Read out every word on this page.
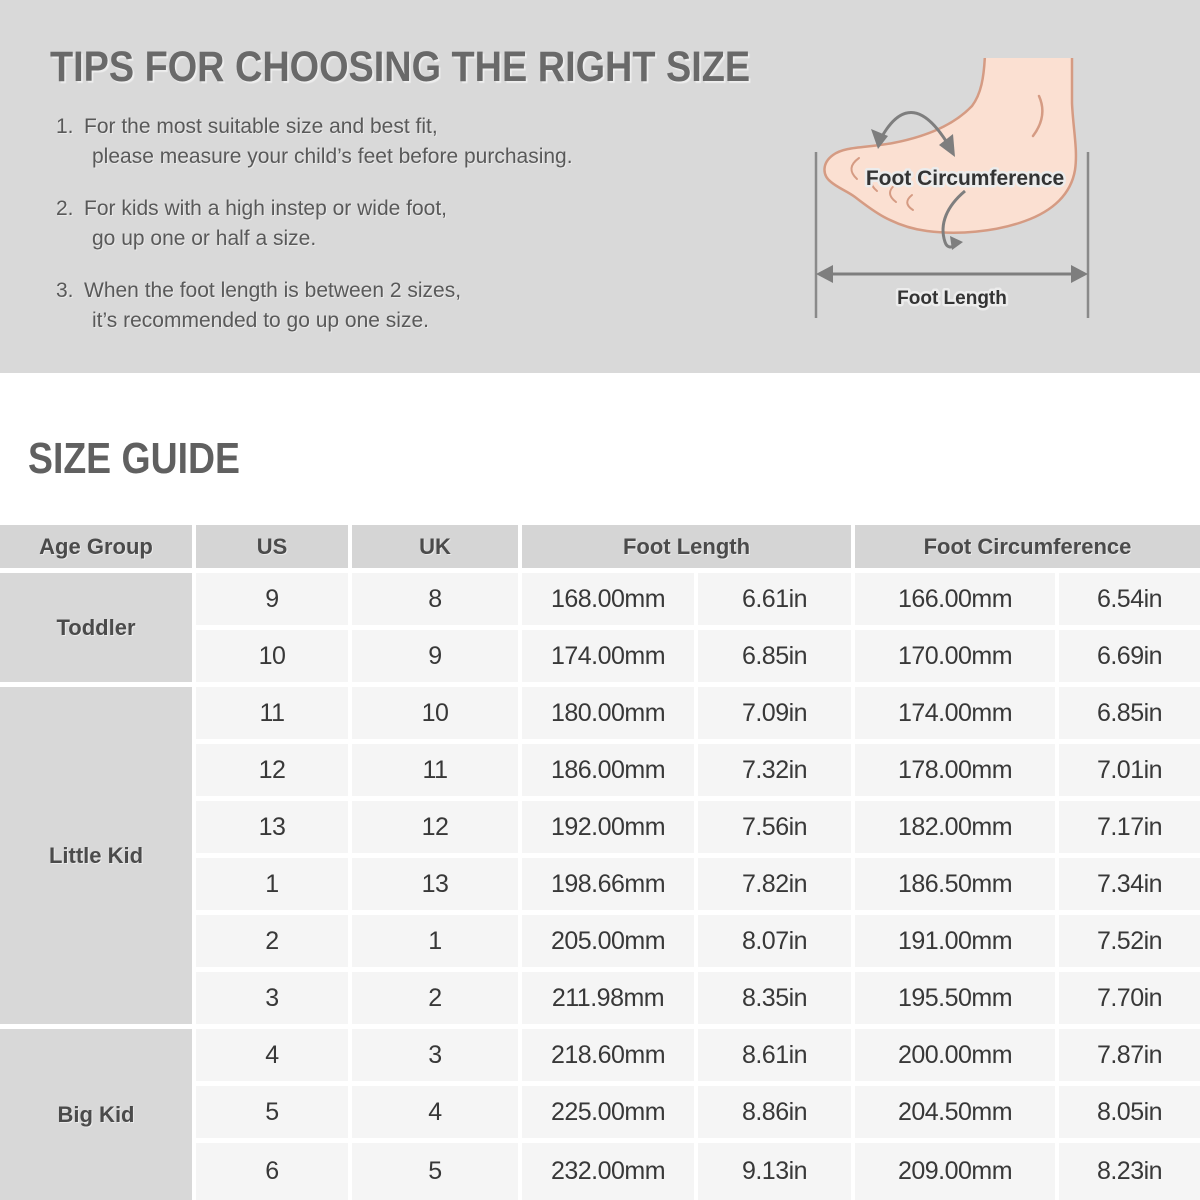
TIPS FOR CHOOSING THE RIGHT SIZE
1. For the most suitable size and best fit,
please measure your child’s feet before purchasing.
2. For kids with a high instep or wide foot,
go up one or half a size.
3. When the foot length is between 2 sizes,
it’s recommended to go up one size.
Foot Circumference
Foot Length
SIZE GUIDE
Age Group	US	UK	Foot Length	Foot Circumference
Toddler
9	8	168.00mm	6.61in	166.00mm	6.54in
10	9	174.00mm	6.85in	170.00mm	6.69in
Little Kid
11	10	180.00mm	7.09in	174.00mm	6.85in
12	11	186.00mm	7.32in	178.00mm	7.01in
13	12	192.00mm	7.56in	182.00mm	7.17in
1	13	198.66mm	7.82in	186.50mm	7.34in
2	1	205.00mm	8.07in	191.00mm	7.52in
3	2	211.98mm	8.35in	195.50mm	7.70in
Big Kid
4	3	218.60mm	8.61in	200.00mm	7.87in
5	4	225.00mm	8.86in	204.50mm	8.05in
6	5	232.00mm	9.13in	209.00mm	8.23in
